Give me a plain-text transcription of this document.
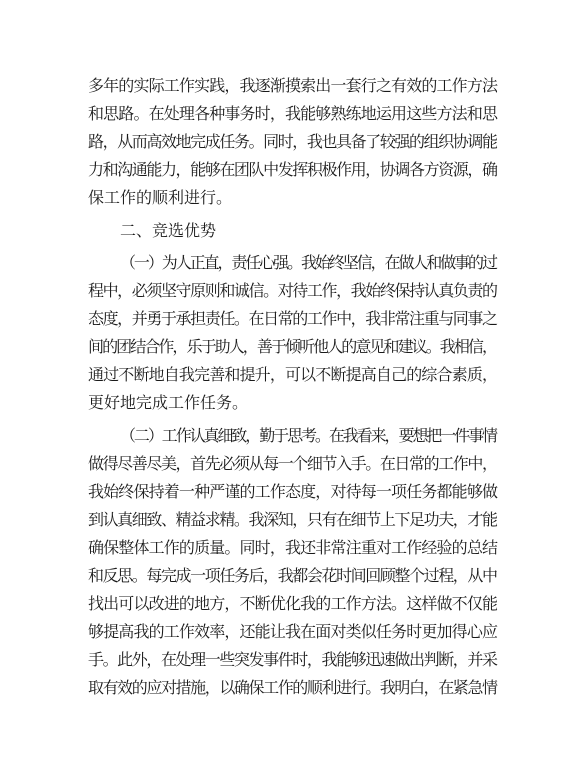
多年的实际工作实践，我逐渐摸索出一套行之有效的工作方法
和思路。在处理各种事务时，我能够熟练地运用这些方法和思
路，从而高效地完成任务。同时，我也具备了较强的组织协调能
力和沟通能力，能够在团队中发挥积极作用，协调各方资源，确
保工作的顺利进行。
二、竞选优势
（一）为人正直，责任心强。我始终坚信，在做人和做事的过
程中，必须坚守原则和诚信。对待工作，我始终保持认真负责的
态度，并勇于承担责任。在日常的工作中，我非常注重与同事之
间的团结合作，乐于助人，善于倾听他人的意见和建议。我相信，
通过不断地自我完善和提升，可以不断提高自己的综合素质，
更好地完成工作任务。
（二）工作认真细致，勤于思考。在我看来，要想把一件事情
做得尽善尽美，首先必须从每一个细节入手。在日常的工作中，
我始终保持着一种严谨的工作态度，对待每一项任务都能够做
到认真细致、精益求精。我深知，只有在细节上下足功夫，才能
确保整体工作的质量。同时，我还非常注重对工作经验的总结
和反思。每完成一项任务后，我都会花时间回顾整个过程，从中
找出可以改进的地方，不断优化我的工作方法。这样做不仅能
够提高我的工作效率，还能让我在面对类似任务时更加得心应
手。此外，在处理一些突发事件时，我能够迅速做出判断，并采
取有效的应对措施，以确保工作的顺利进行。我明白，在紧急情
